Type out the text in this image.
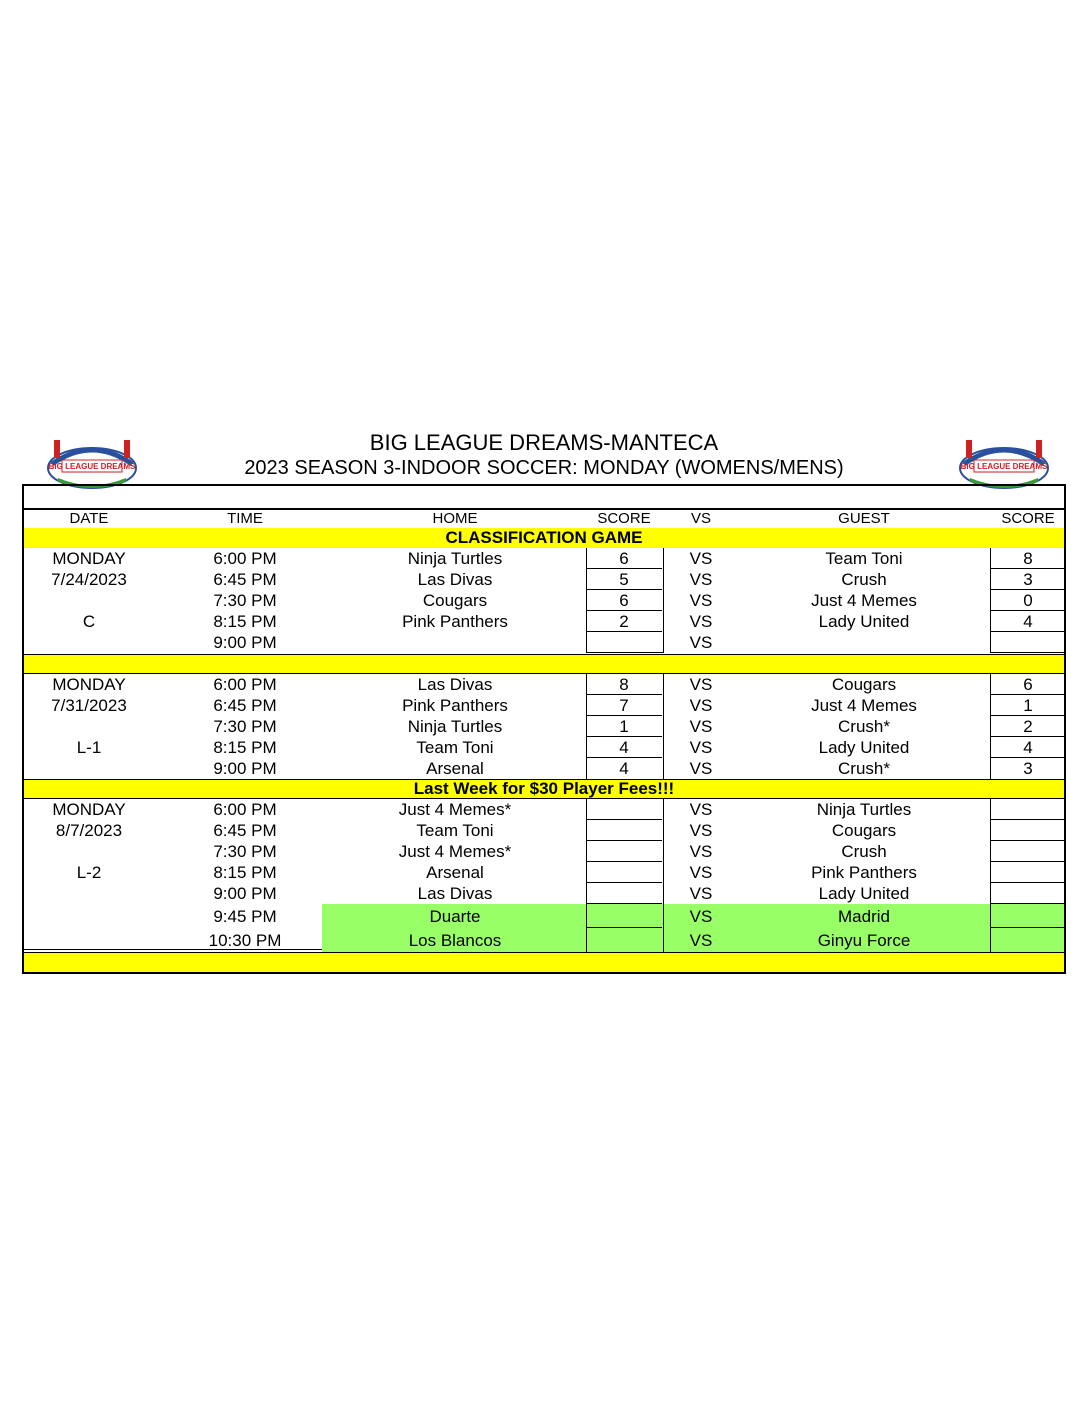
BIG LEAGUE DREAMS	BIG LEAGUE DREAMS
BIG LEAGUE DREAMS-MANTECA
2023 SEASON 3-INDOOR SOCCER: MONDAY (WOMENS/MENS)
DATE	TIME	HOME	SCORE	VS	GUEST	SCORE
CLASSIFICATION GAME
MONDAY
7/24/2023

C
6:00 PM	Ninja Turtles	6	VS	Team Toni	8
6:45 PM	Las Divas	5	VS	Crush	3
7:30 PM	Cougars	6	VS	Just 4 Memes	0
8:15 PM	Pink Panthers	2	VS	Lady United	4
9:00 PM	VS
MONDAY
7/31/2023

L-1
6:00 PM	Las Divas	8	VS	Cougars	6
6:45 PM	Pink Panthers	7	VS	Just 4 Memes	1
7:30 PM	Ninja Turtles	1	VS	Crush*	2
8:15 PM	Team Toni	4	VS	Lady United	4
9:00 PM	Arsenal	4	VS	Crush*	3
Last Week for $30 Player Fees!!!
MONDAY
8/7/2023

L-2
6:00 PM	Just 4 Memes*	VS	Ninja Turtles
6:45 PM	Team Toni	VS	Cougars
7:30 PM	Just 4 Memes*	VS	Crush
8:15 PM	Arsenal	VS	Pink Panthers
9:00 PM	Las Divas	VS	Lady United
9:45 PM	Duarte	VS	Madrid
10:30 PM	Los Blancos	VS	Ginyu Force
